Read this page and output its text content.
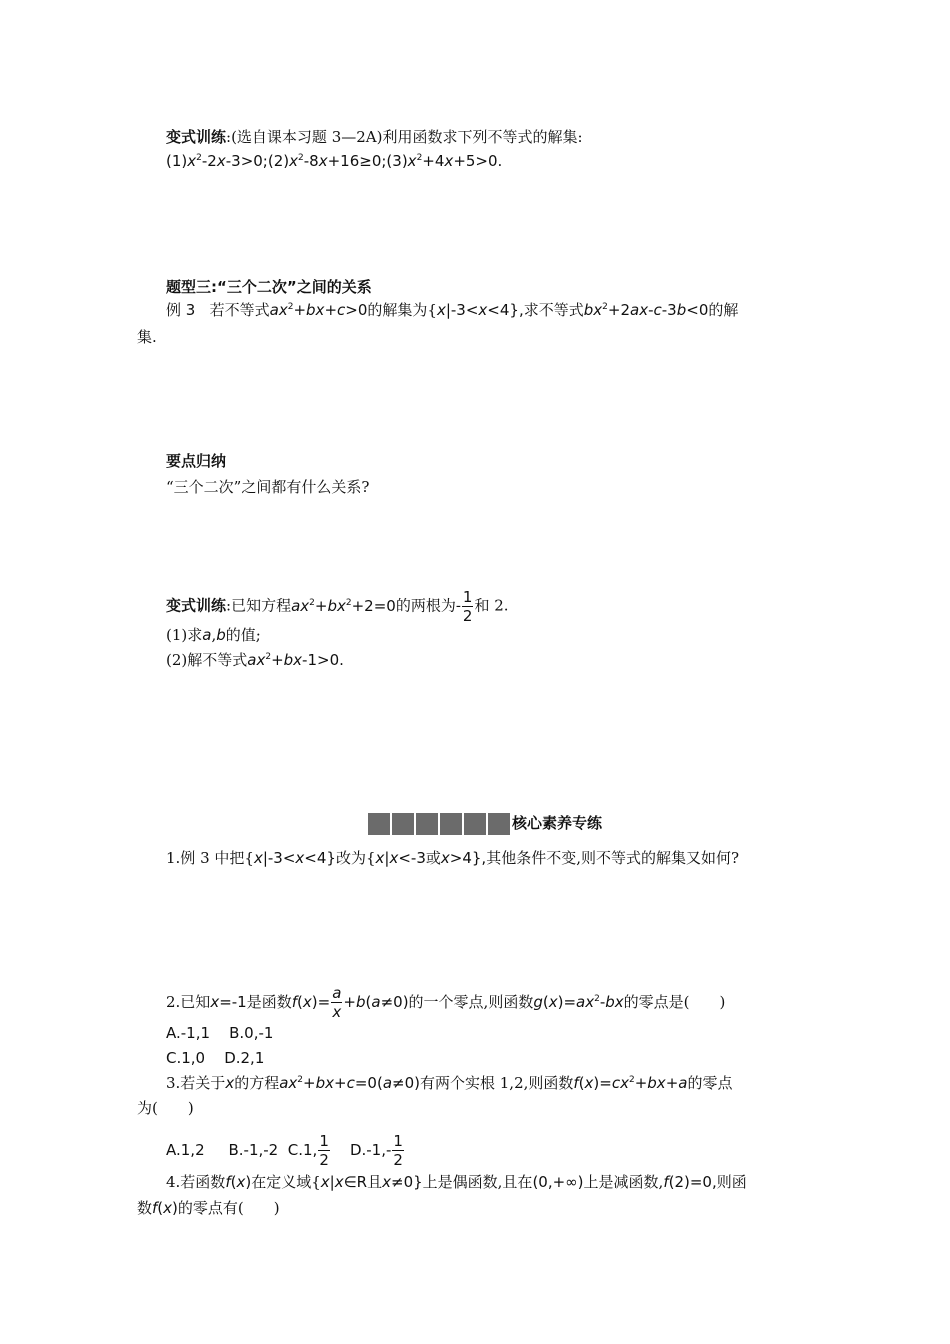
变式训练:(选自课本习题 3—2A)利用函数求下列不等式的解集:
$(1)x^2-2x-3>0;(2)x^2-8x+16\ge 0;(3)x^2+4x+5>0$.
题型三:“三个二次”之间的关系
例 3 若不等式$ax^2+bx+c>0$的解集为{x|-3<x<4},求不等式$bx^2+2ax-c-3b<0$的解
集.
要点归纳
“三个二次”之间都有什么关系?
变式训练:已知方程$ax^2+bx^2+2=0$的两根为- $\frac{1}{2}$ 和 2.
(1)求a,b的值;
(2)解不等式$ax^2+bx-1>0$.
核心素养专练
1.例 3 中把{x|-3<x<4}改为{x|x<-3或x>4},其他条件不变,则不等式的解集又如何?
2.已知x=-1是函数$f(x)= \frac{a}{x} +b(a\ne 0)$的一个零点,则函数$g(x)=ax^2-bx$的零点是(　　)
A.-1,1 B.0,-1
C.1,0 D.2,1
3.若关于x的方程$ax^2+bx+c=0(a\ne 0)$有两个实根 1,2,则函数$f(x)=cx^2+bx+a$的零点
为(　　)
A.1,2 B.-1,-2 C.1, $\frac{1}{2} D.-1,- \frac{1}{2}$
4.若函数f(x)在定义域{x|x∈R且x≠0}上是偶函数,且在(0,+∞)上是减函数,f(2)=0,则函
数f(x)的零点有(　　)
